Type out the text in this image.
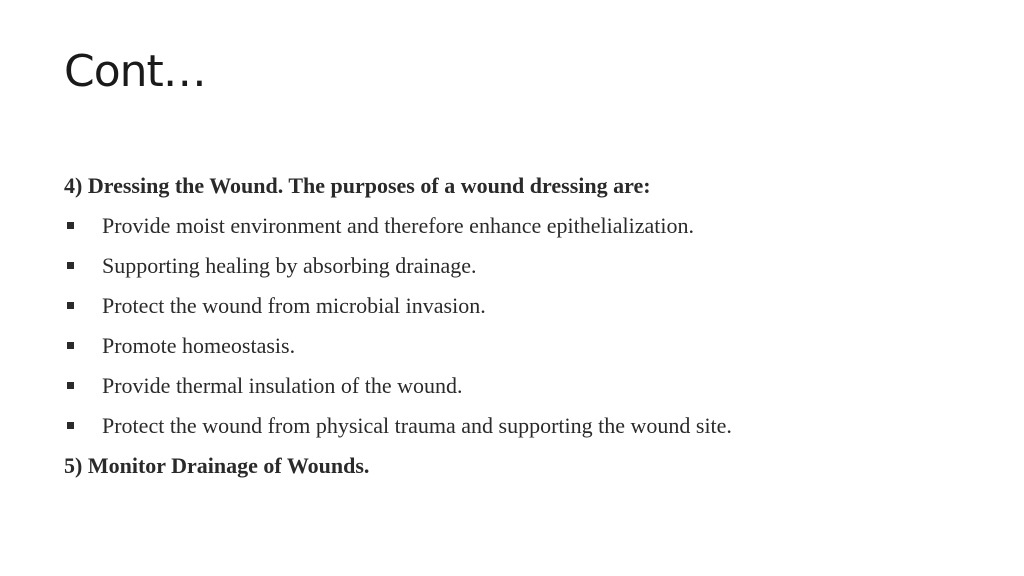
Cont…
4) Dressing the Wound. The purposes of a wound dressing are:
Provide moist environment and therefore enhance epithelialization.
Supporting healing by absorbing drainage.
Protect the wound from microbial invasion.
Promote homeostasis.
Provide thermal insulation of the wound.
Protect the wound from physical trauma and supporting the wound site.
5) Monitor Drainage of Wounds.
